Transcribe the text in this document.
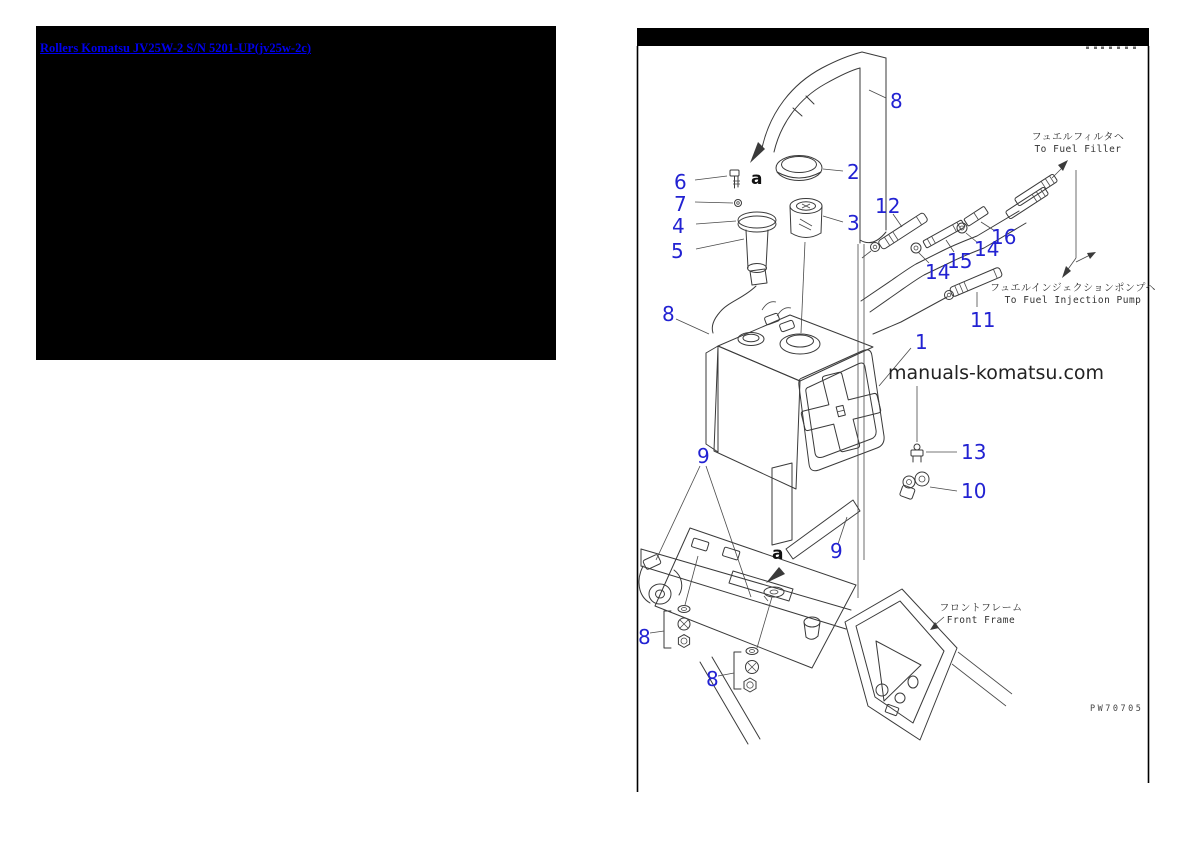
Rollers Komatsu JV25W-2 S/N 5201-UP(jv25w-2c)
8
2
3
6
7
4
5
a
12
16
14
15
14
11
1
8
13
10
9
9
a
8
8
manuals-komatsu.com
フュエルフィルタヘ
To Fuel Filler
フュエルインジェクションポンプヘ
To Fuel Injection Pump
フロントフレーム
Front Frame
PW70705
